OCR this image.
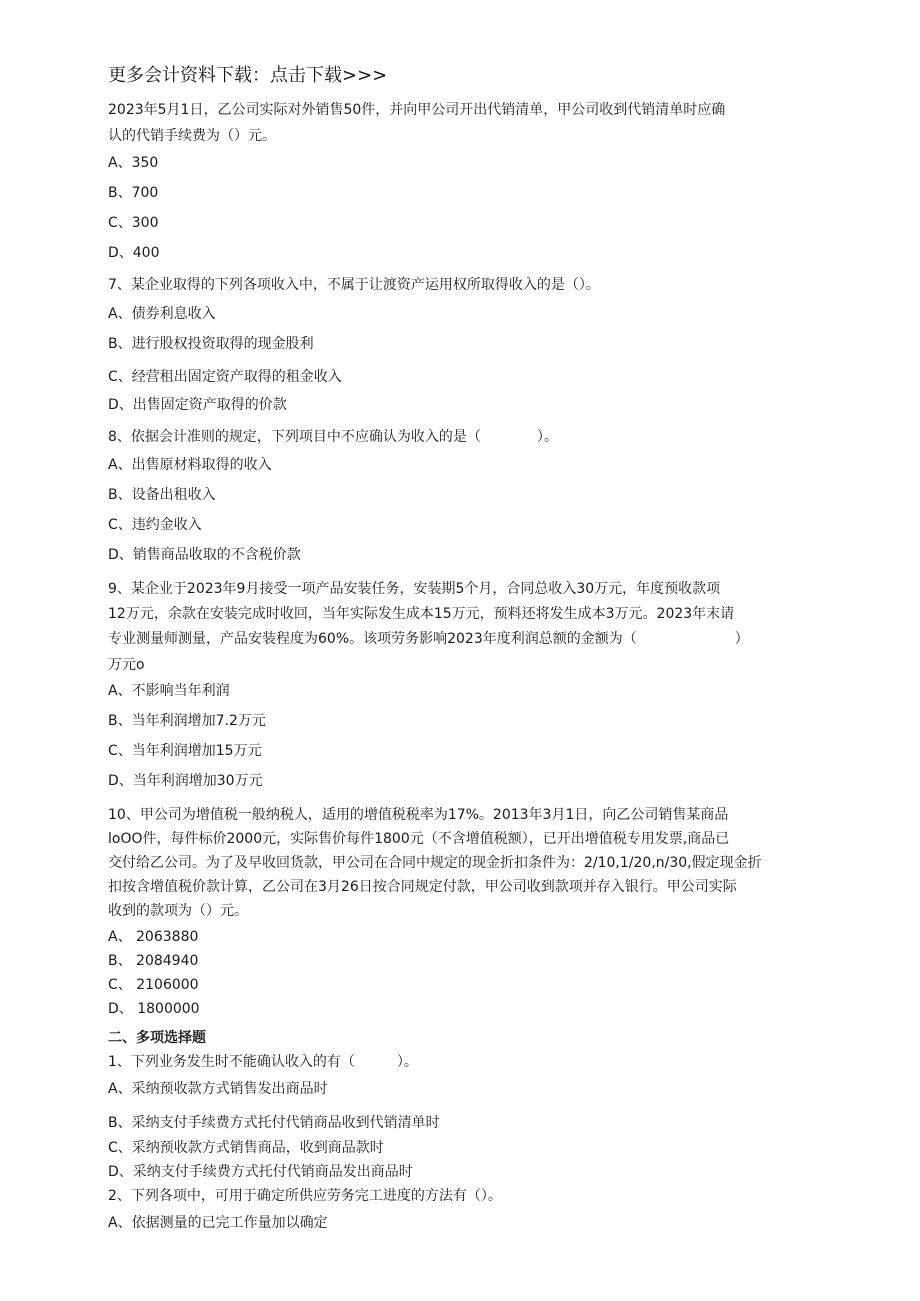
更多会计资料下载：点击下载>>>
2023年5月1日，乙公司实际对外销售50件，并向甲公司开出代销清单，甲公司收到代销清单时应确
认的代销手续费为（）元。
A、350
B、700
C、300
D、400
7、某企业取得的下列各项收入中，不属于让渡资产运用权所取得收入的是（）。
A、债券利息收入
B、进行股权投资取得的现金股利
C、经营租出固定资产取得的租金收入
D、出售固定资产取得的价款
8、依据会计准则的规定，下列项目中不应确认为收入的是（　　　　）。
A、出售原材料取得的收入
B、设备出租收入
C、违约金收入
D、销售商品收取的不含税价款
9、某企业于2023年9月接受一项产品安装任务，安装期5个月，合同总收入30万元，年度预收款项
12万元，余款在安装完成时收回，当年实际发生成本15万元，预料还将发生成本3万元。2023年末请
专业测量师测量，产品安装程度为60%。该项劳务影响2023年度利润总额的金额为（　　　　　　　）
万元o
A、不影响当年利润
B、当年利润增加7.2万元
C、当年利润增加15万元
D、当年利润增加30万元
10、甲公司为增值税一般纳税人，适用的增值税税率为17%。2013年3月1日，向乙公司销售某商品
loOO件，每件标价2000元，实际售价每件1800元（不含增值税额），已开出增值税专用发票,商品已
交付给乙公司。为了及早收回货款，甲公司在合同中规定的现金折扣条件为：2/10,1/20,n/30,假定现金折
扣按含增值税价款计算，乙公司在3月26日按合同规定付款，甲公司收到款项并存入银行。甲公司实际
收到的款项为（）元。
A、 2063880
B、 2084940
C、 2106000
D、 1800000
二、多项选择题
1、下列业务发生时不能确认收入的有（　　　）。
A、采纳预收款方式销售发出商品时
B、采纳支付手续费方式托付代销商品收到代销清单时
C、采纳预收款方式销售商品，收到商品款时
D、采纳支付手续费方式托付代销商品发出商品时
2、下列各项中，可用于确定所供应劳务完工进度的方法有（）。
A、依据测量的已完工作量加以确定
